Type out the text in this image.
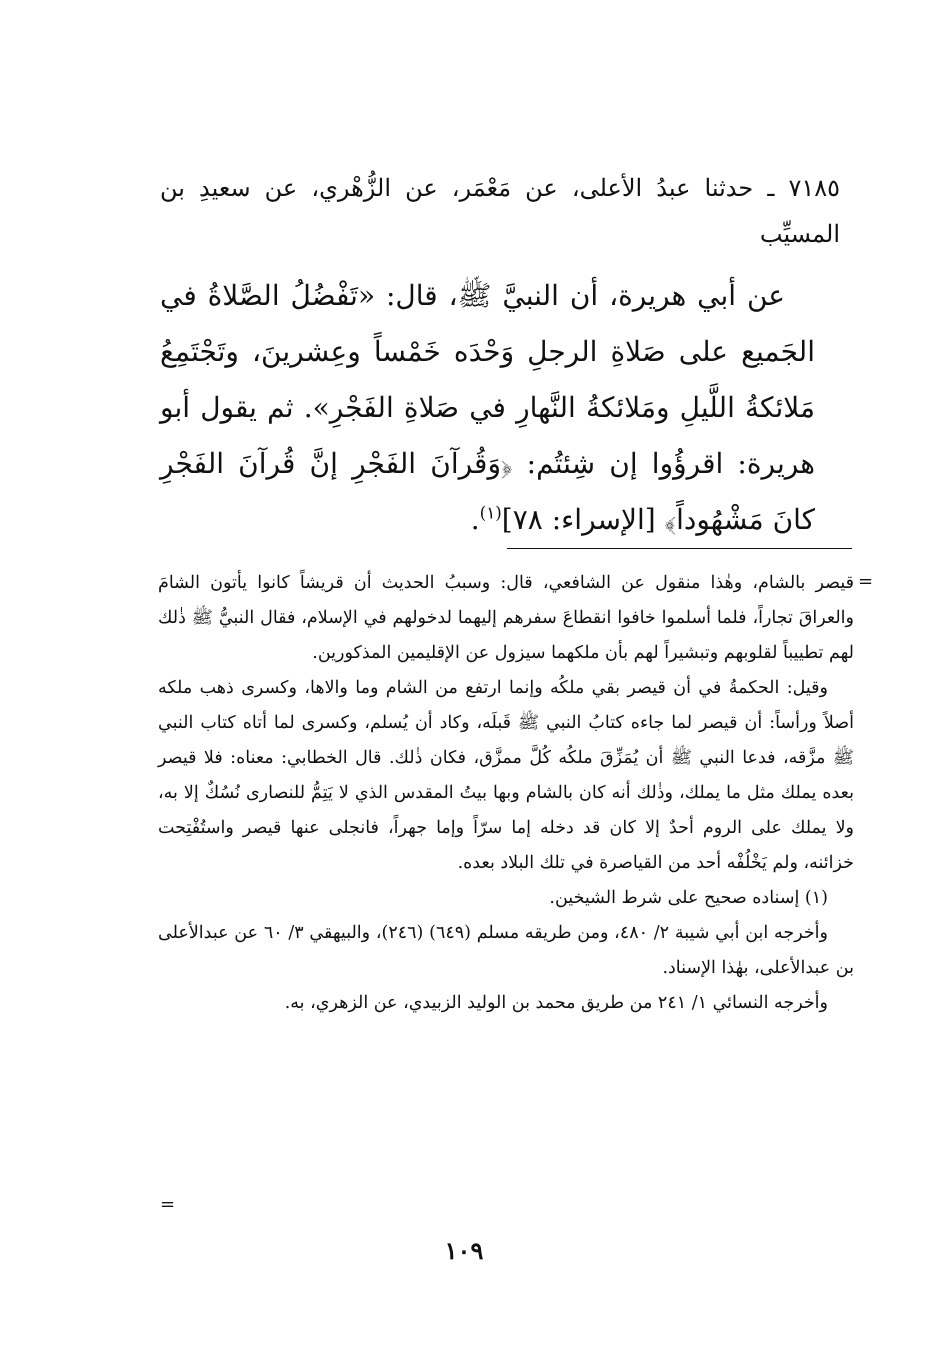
٧١٨٥ ـ حدثنا عبدُ الأعلى، عن مَعْمَر، عن الزُّهْري، عن سعيدِ بن المسيِّب

عن أبي هريرة، أن النبيَّ ﷺ، قال: «تَفْضُلُ الصَّلاةُ في الجَميع على صَلاةِ الرجلِ وَحْدَه خَمْساً وعِشرينَ، وتَجْتَمِعُ مَلائكةُ اللَّيلِ ومَلائكةُ النَّهارِ في صَلاةِ الفَجْرِ». ثم يقول أبو هريرة: اقرؤُوا إن شِئتُم: ﴿وَقُرآنَ الفَجْرِ إنَّ قُرآنَ الفَجْرِ كانَ مَشْهُوداً﴾ [الإسراء: ٧٨]$^{(١)}$.

=

قيصر بالشام، وهٰذا منقول عن الشافعي، قال: وسببُ الحديث أن قريشاً كانوا يأتون الشامَ والعراقَ تجاراً، فلما أسلموا خافوا انقطاعَ سفرهم إليهما لدخولهم في الإسلام، فقال النبيُّ ﷺ ذٰلك لهم تطييباً لقلوبهم وتبشيراً لهم بأن ملكهما سيزول عن الإقليمين المذكورين.

وقيل: الحكمةُ في أن قيصر بقي ملكُه وإنما ارتفع من الشام وما والاها، وكسرى ذهب ملكه أصلاً ورأساً: أن قيصر لما جاءه كتابُ النبي ﷺ قَبلَه، وكاد أن يُسلم، وكسرى لما أتاه كتاب النبي ﷺ مزَّقه، فدعا النبي ﷺ أن يُمَزِّقَ ملكُه كُلَّ ممزَّق، فكان ذٰلك. قال الخطابي: معناه: فلا قيصر بعده يملك مثل ما يملك، وذٰلك أنه كان بالشام وبها بيتُ المقدس الذي لا يَتِمُّ للنصارى نُسُكٌ إلا به، ولا يملك على الروم أحدٌ إلا كان قد دخله إما سرّاً وإما جهراً، فانجلى عنها قيصر واستُفْتِحت خزائنه، ولم يَخْلُفْه أحد من القياصرة في تلك البلاد بعده.

(١) إسناده صحيح على شرط الشيخين.

وأخرجه ابن أبي شيبة ٢/ ٤٨٠، ومن طريقه مسلم (٦٤٩) (٢٤٦)، والبيهقي ٣/ ٦٠ عن عبدالأعلى بن عبدالأعلى، بهٰذا الإسناد.

وأخرجه النسائي ١/ ٢٤١ من طريق محمد بن الوليد الزبيدي، عن الزهري، به.

=
١٠٩
